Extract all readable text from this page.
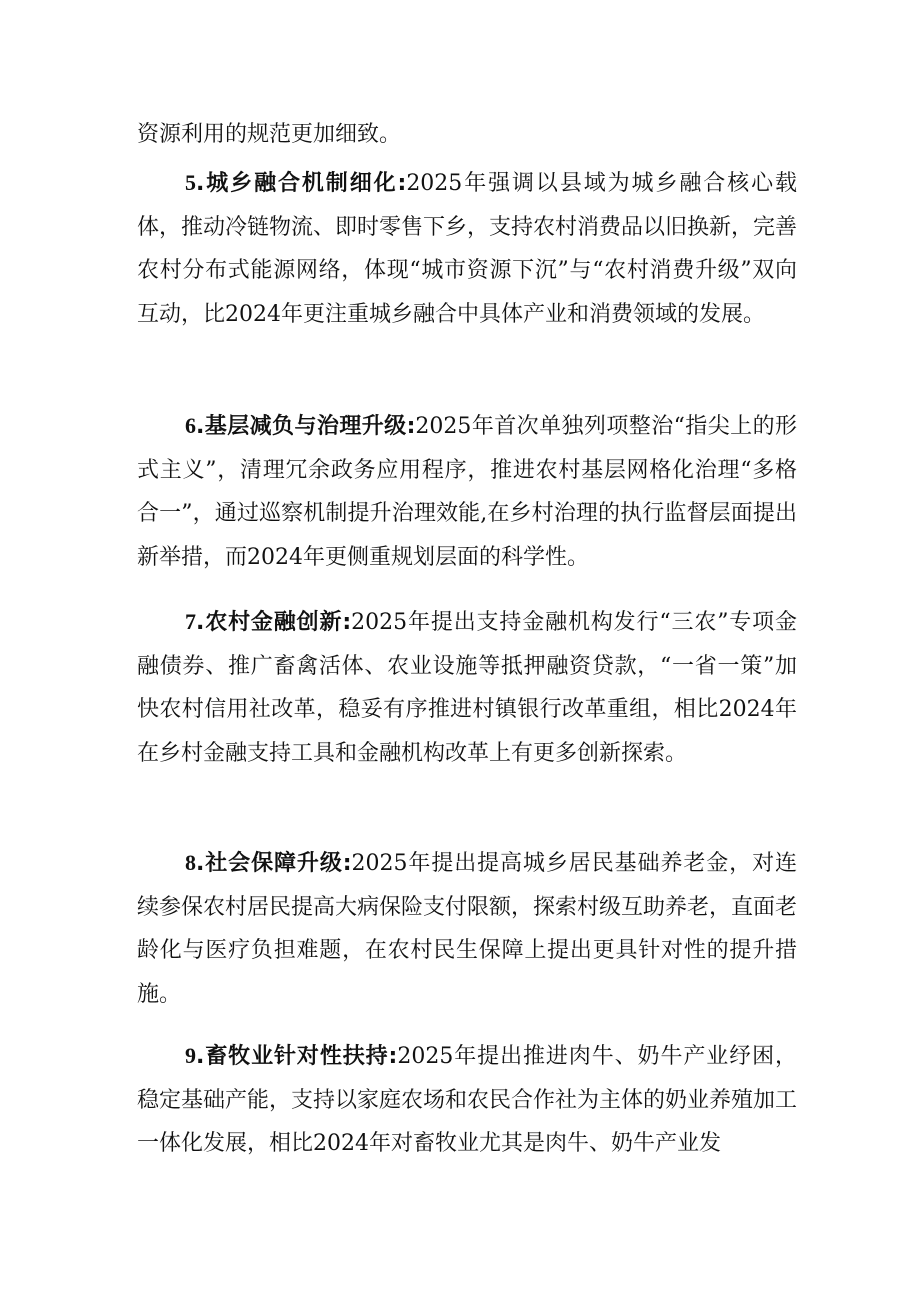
资源利用的规范更加细致。

5.城乡融合机制细化:2025年强调以县域为城乡融合核心载体，推动冷链物流、即时零售下乡，支持农村消费品以旧换新，完善农村分布式能源网络，体现“城市资源下沉”与“农村消费升级”双向互动，比2024年更注重城乡融合中具体产业和消费领域的发展。

6.基层减负与治理升级:2025年首次单独列项整治“指尖上的形式主义”，清理冗余政务应用程序，推进农村基层网格化治理“多格合一”，通过巡察机制提升治理效能,在乡村治理的执行监督层面提出新举措，而2024年更侧重规划层面的科学性。

7.农村金融创新:2025年提出支持金融机构发行“三农”专项金融债券、推广畜禽活体、农业设施等抵押融资贷款，“一省一策”加快农村信用社改革，稳妥有序推进村镇银行改革重组，相比2024年在乡村金融支持工具和金融机构改革上有更多创新探索。

8.社会保障升级:2025年提出提高城乡居民基础养老金，对连续参保农村居民提高大病保险支付限额，探索村级互助养老，直面老龄化与医疗负担难题，在农村民生保障上提出更具针对性的提升措施。

9.畜牧业针对性扶持:2025年提出推进肉牛、奶牛产业纾困，稳定基础产能，支持以家庭农场和农民合作社为主体的奶业养殖加工一体化发展，相比2024年对畜牧业尤其是肉牛、奶牛产业发
